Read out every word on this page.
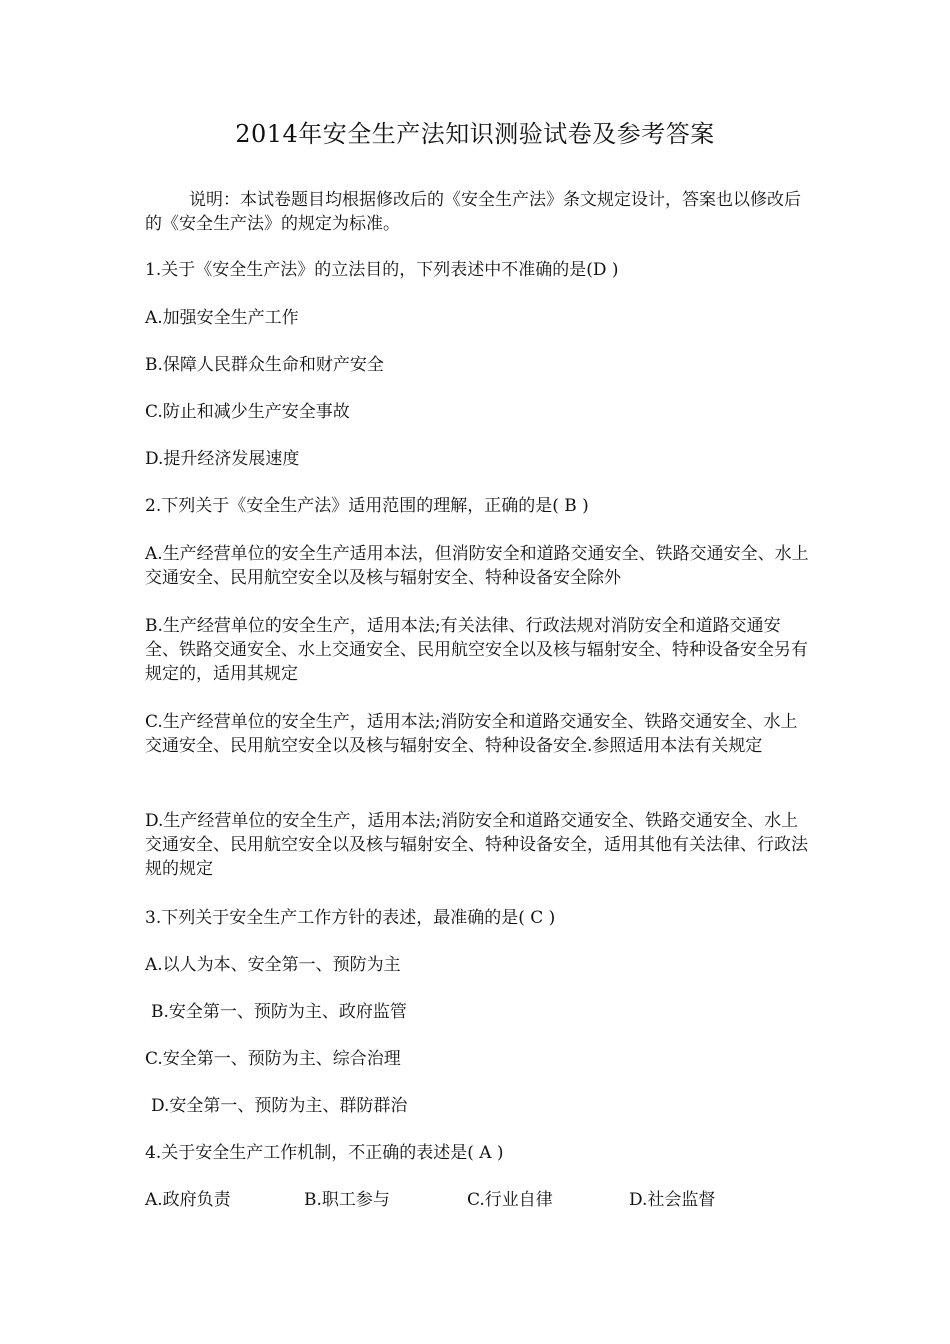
2014年安全生产法知识测验试卷及参考答案
说明：本试卷题目均根据修改后的《安全生产法》条文规定设计，答案也以修改后的《安全生产法》的规定为标准。
1.关于《安全生产法》的立法目的，下列表述中不准确的是(D )
A.加强安全生产工作
B.保障人民群众生命和财产安全
C.防止和减少生产安全事故
D.提升经济发展速度
2.下列关于《安全生产法》适用范围的理解，正确的是( B )
A.生产经营单位的安全生产适用本法，但消防安全和道路交通安全、铁路交通安全、水上交通安全、民用航空安全以及核与辐射安全、特种设备安全除外
B.生产经营单位的安全生产，适用本法;有关法律、行政法规对消防安全和道路交通安全、铁路交通安全、水上交通安全、民用航空安全以及核与辐射安全、特种设备安全另有规定的，适用其规定
C.生产经营单位的安全生产，适用本法;消防安全和道路交通安全、铁路交通安全、水上交通安全、民用航空安全以及核与辐射安全、特种设备安全.参照适用本法有关规定
D.生产经营单位的安全生产，适用本法;消防安全和道路交通安全、铁路交通安全、水上交通安全、民用航空安全以及核与辐射安全、特种设备安全，适用其他有关法律、行政法规的规定
3.下列关于安全生产工作方针的表述，最准确的是( C )
A.以人为本、安全第一、预防为主
B.安全第一、预防为主、政府监管
C.安全第一、预防为主、综合治理
D.安全第一、预防为主、群防群治
4.关于安全生产工作机制，不正确的表述是( A )
A.政府负责	B.职工参与	C.行业自律	D.社会监督
